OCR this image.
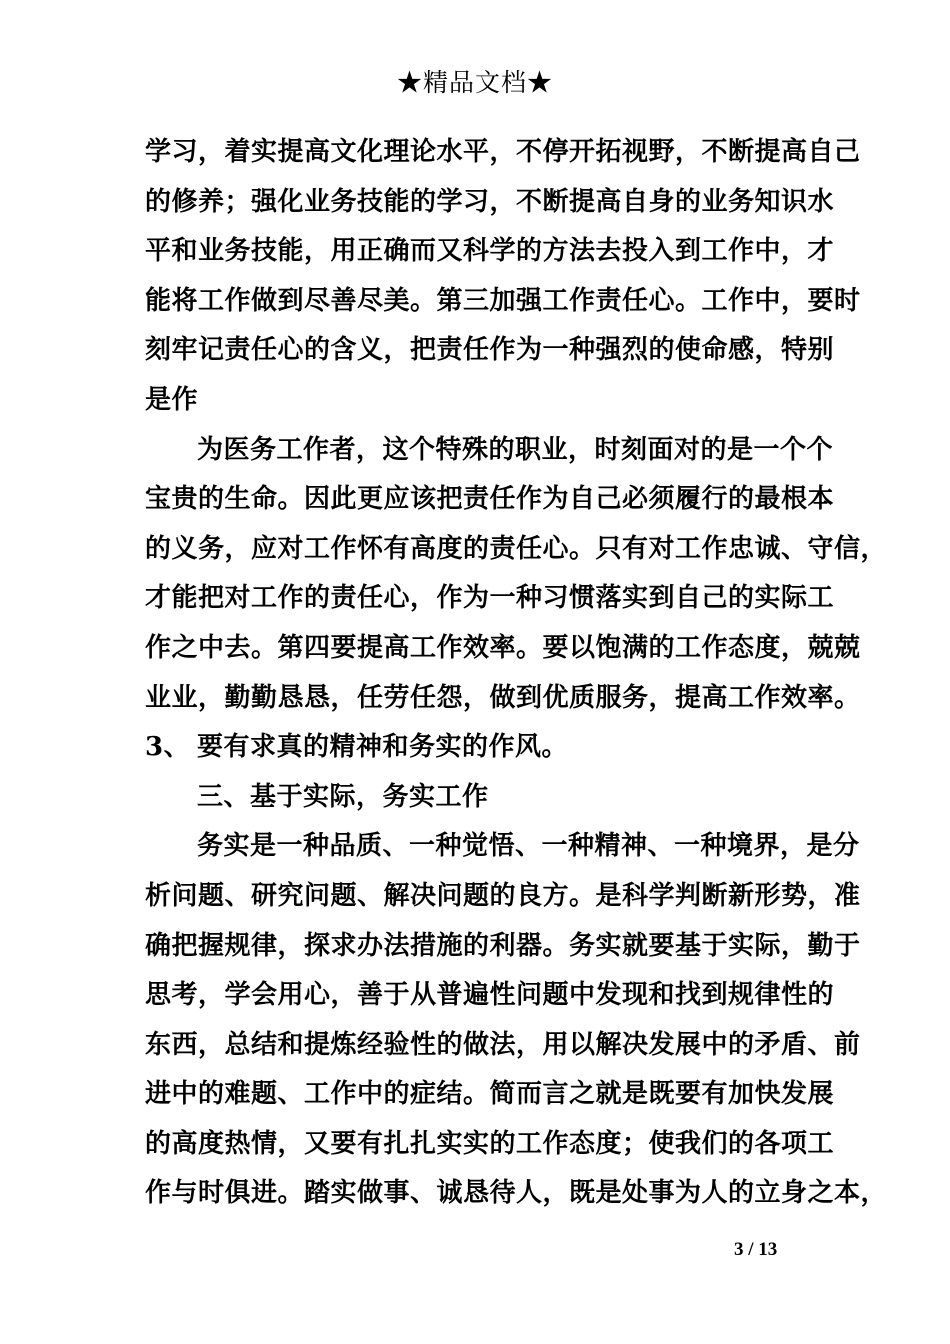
★精品文档★
学习，着实提高文化理论水平，不停开拓视野，不断提高自己
的修养；强化业务技能的学习，不断提高自身的业务知识水
平和业务技能，用正确而又科学的方法去投入到工作中，才
能将工作做到尽善尽美。第三加强工作责任心。工作中，要时
刻牢记责任心的含义，把责任作为一种强烈的使命感，特别
是作
为医务工作者，这个特殊的职业，时刻面对的是一个个
宝贵的生命。因此更应该把责任作为自己必须履行的最根本
的义务，应对工作怀有高度的责任心。只有对工作忠诚、守信，
才能把对工作的责任心，作为一种习惯落实到自己的实际工
作之中去。第四要提高工作效率。要以饱满的工作态度，兢兢
业业，勤勤恳恳，任劳任怨，做到优质服务，提高工作效率。
3、 要有求真的精神和务实的作风。
三、基于实际，务实工作
务实是一种品质、一种觉悟、一种精神、一种境界，是分
析问题、研究问题、解决问题的良方。是科学判断新形势，准
确把握规律，探求办法措施的利器。务实就要基于实际，勤于
思考，学会用心，善于从普遍性问题中发现和找到规律性的
东西，总结和提炼经验性的做法，用以解决发展中的矛盾、前
进中的难题、工作中的症结。简而言之就是既要有加快发展
的高度热情，又要有扎扎实实的工作态度；使我们的各项工
作与时俱进。踏实做事、诚恳待人，既是处事为人的立身之本，
3 / 13
